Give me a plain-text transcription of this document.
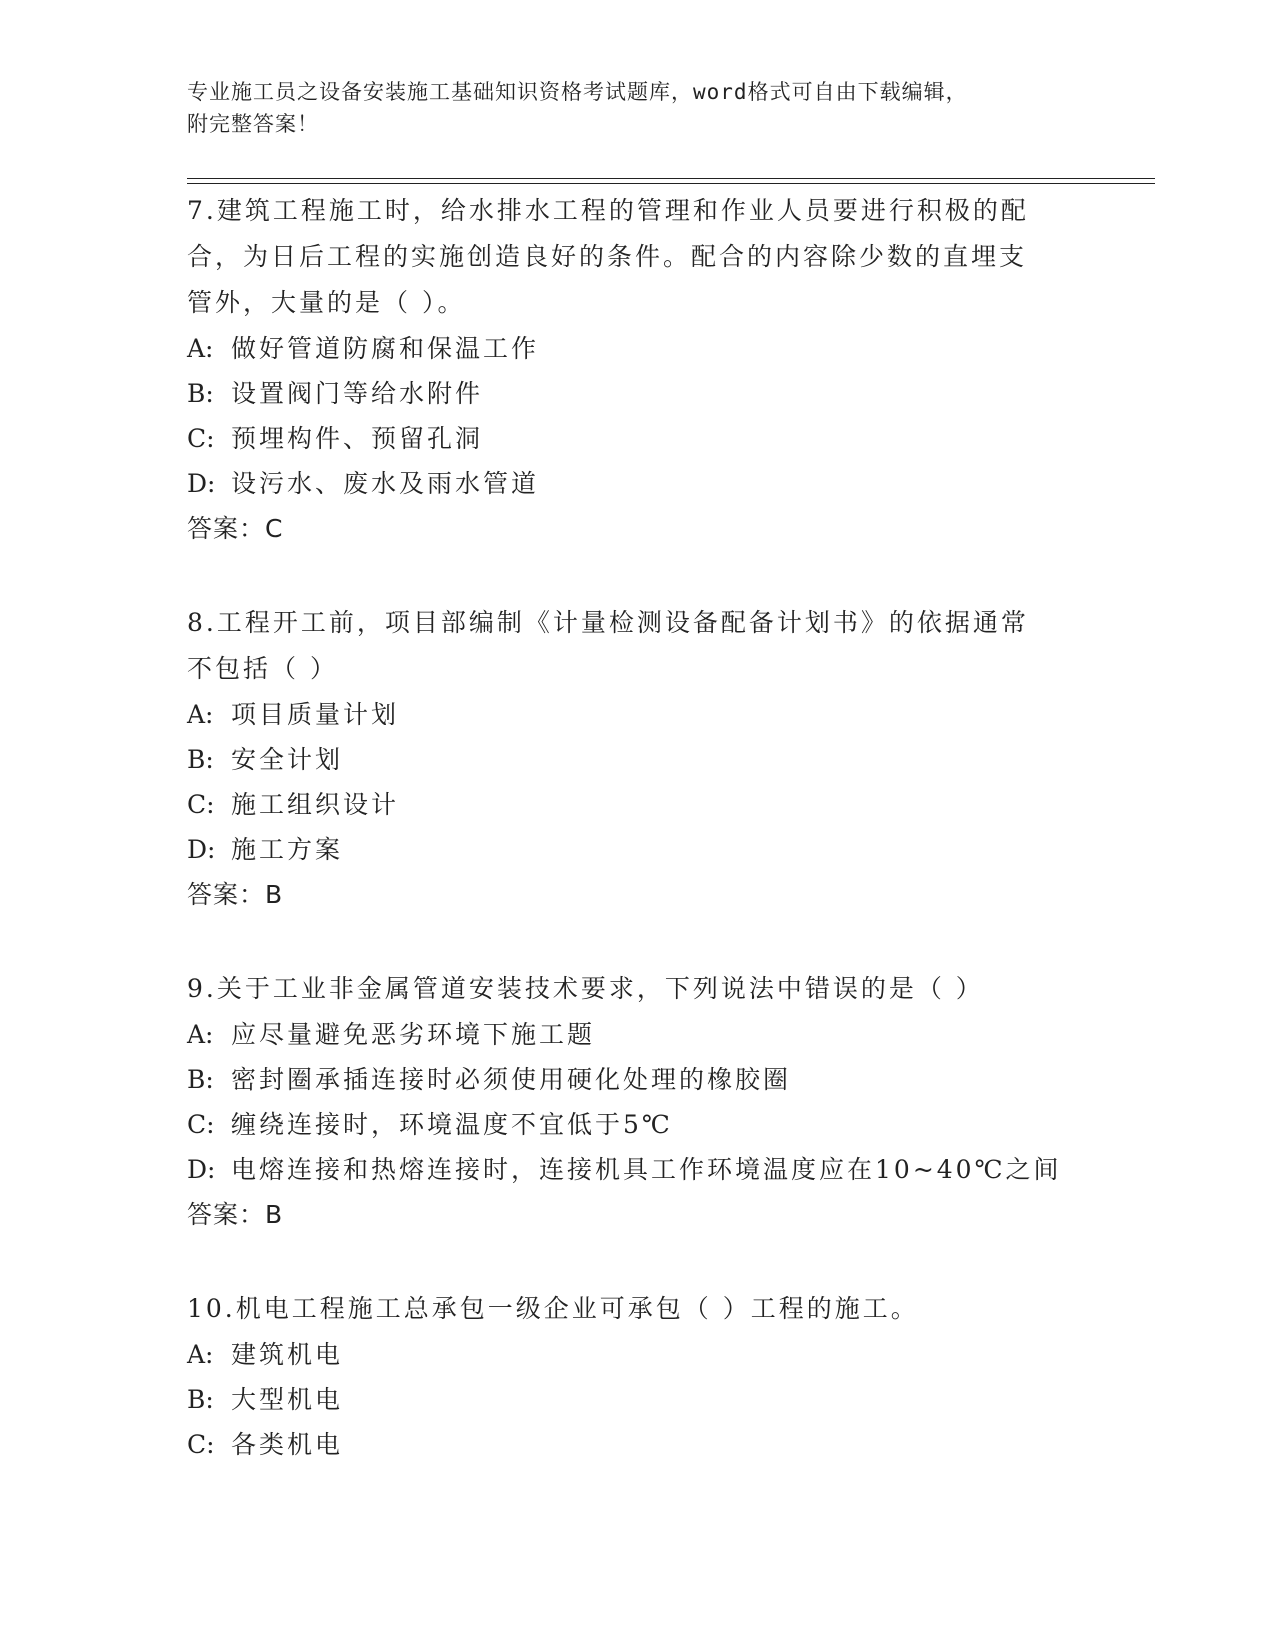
专业施工员之设备安装施工基础知识资格考试题库，word格式可自由下载编辑，
附完整答案！

7.建筑工程施工时，给水排水工程的管理和作业人员要进行积极的配

合，为日后工程的实施创造良好的条件。配合的内容除少数的直埋支

管外，大量的是（ ）。

A: 做好管道防腐和保温工作

B: 设置阀门等给水附件

C: 预埋构件、预留孔洞

D: 设污水、废水及雨水管道

答案：C

8.工程开工前，项目部编制《计量检测设备配备计划书》的依据通常

不包括（ ）

A: 项目质量计划

B: 安全计划

C: 施工组织设计

D: 施工方案

答案：B

9.关于工业非金属管道安装技术要求，下列说法中错误的是（ ）

A: 应尽量避免恶劣环境下施工题

B: 密封圈承插连接时必须使用硬化处理的橡胶圈

C: 缠绕连接时，环境温度不宜低于5℃

D: 电熔连接和热熔连接时，连接机具工作环境温度应在10~40℃之间

答案：B

10.机电工程施工总承包一级企业可承包（ ）工程的施工。

A: 建筑机电

B: 大型机电

C: 各类机电
